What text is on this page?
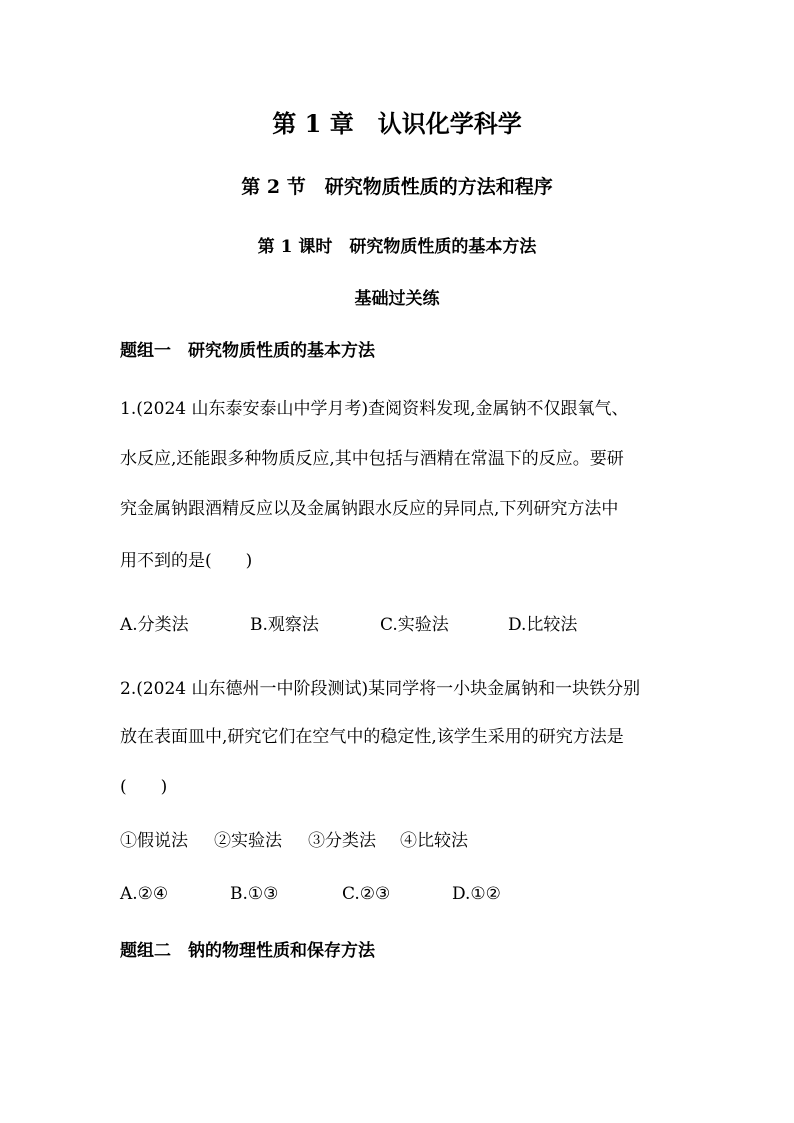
第 1 章　认识化学科学
第 2 节　研究物质性质的方法和程序
第 1 课时　研究物质性质的基本方法
基础过关练
题组一　研究物质性质的基本方法
1.(2024 山东泰安泰山中学月考)查阅资料发现,金属钠不仅跟氧气、
水反应,还能跟多种物质反应,其中包括与酒精在常温下的反应。要研
究金属钠跟酒精反应以及金属钠跟水反应的异同点,下列研究方法中
用不到的是(　　)
A.分类法	B.观察法	C.实验法	D.比较法
2.(2024 山东德州一中阶段测试)某同学将一小块金属钠和一块铁分别
放在表面皿中,研究它们在空气中的稳定性,该学生采用的研究方法是
(　　)
①假说法 ②实验法 ③分类法 ④比较法
A.②④	B.①③	C.②③	D.①②
题组二　钠的物理性质和保存方法
